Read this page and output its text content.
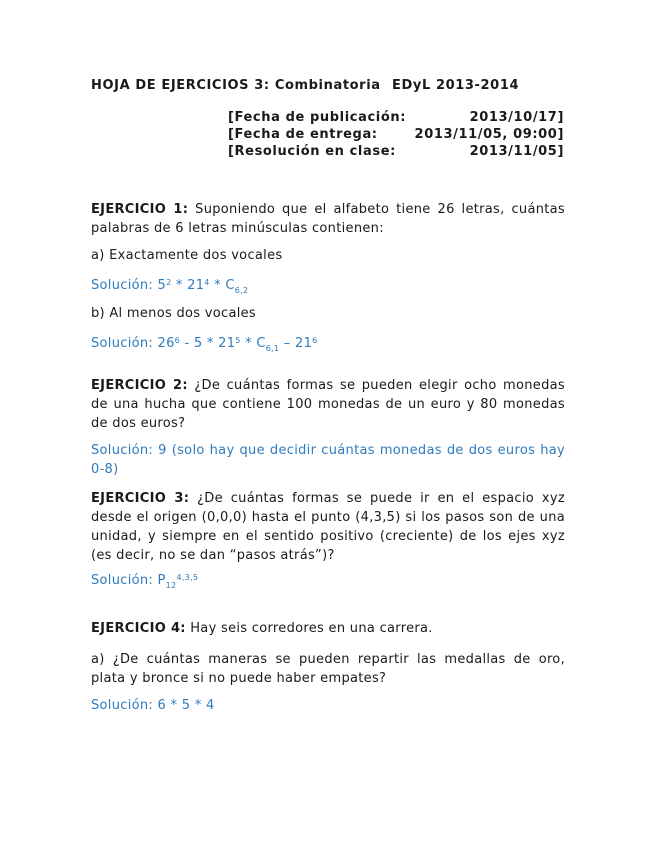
HOJA DE EJERCICIOS 3: Combinatoria EDyL 2013-2014
[Fecha de publicación:	2013/10/17]
[Fecha de entrega:	2013/11/05, 09:00]
[Resolución en clase:	2013/11/05]
EJERCICIO 1: Suponiendo que el alfabeto tiene 26 letras, cuántas palabras de 6 letras minúsculas contienen:
a) Exactamente dos vocales
Solución: $5^2 * 21^4 * C_{6,2}$
b) Al menos dos vocales
Solución: $26^6 - 5 * 21^5 * C_{6,1} - 21^6$
EJERCICIO 2: ¿De cuántas formas se pueden elegir ocho monedas de una hucha que contiene 100 monedas de un euro y 80 monedas de dos euros?
Solución: 9 (solo hay que decidir cuántas monedas de dos euros hay 0-8)
EJERCICIO 3: ¿De cuántas formas se puede ir en el espacio xyz desde el origen (0,0,0) hasta el punto (4,3,5) si los pasos son de una unidad, y siempre en el sentido positivo (creciente) de los ejes xyz (es decir, no se dan “pasos atrás”)?
Solución: $P_{12}^{4,3,5}$
EJERCICIO 4: Hay seis corredores en una carrera.
a) ¿De cuántas maneras se pueden repartir las medallas de oro, plata y bronce si no puede haber empates?
Solución: 6 * 5 * 4
